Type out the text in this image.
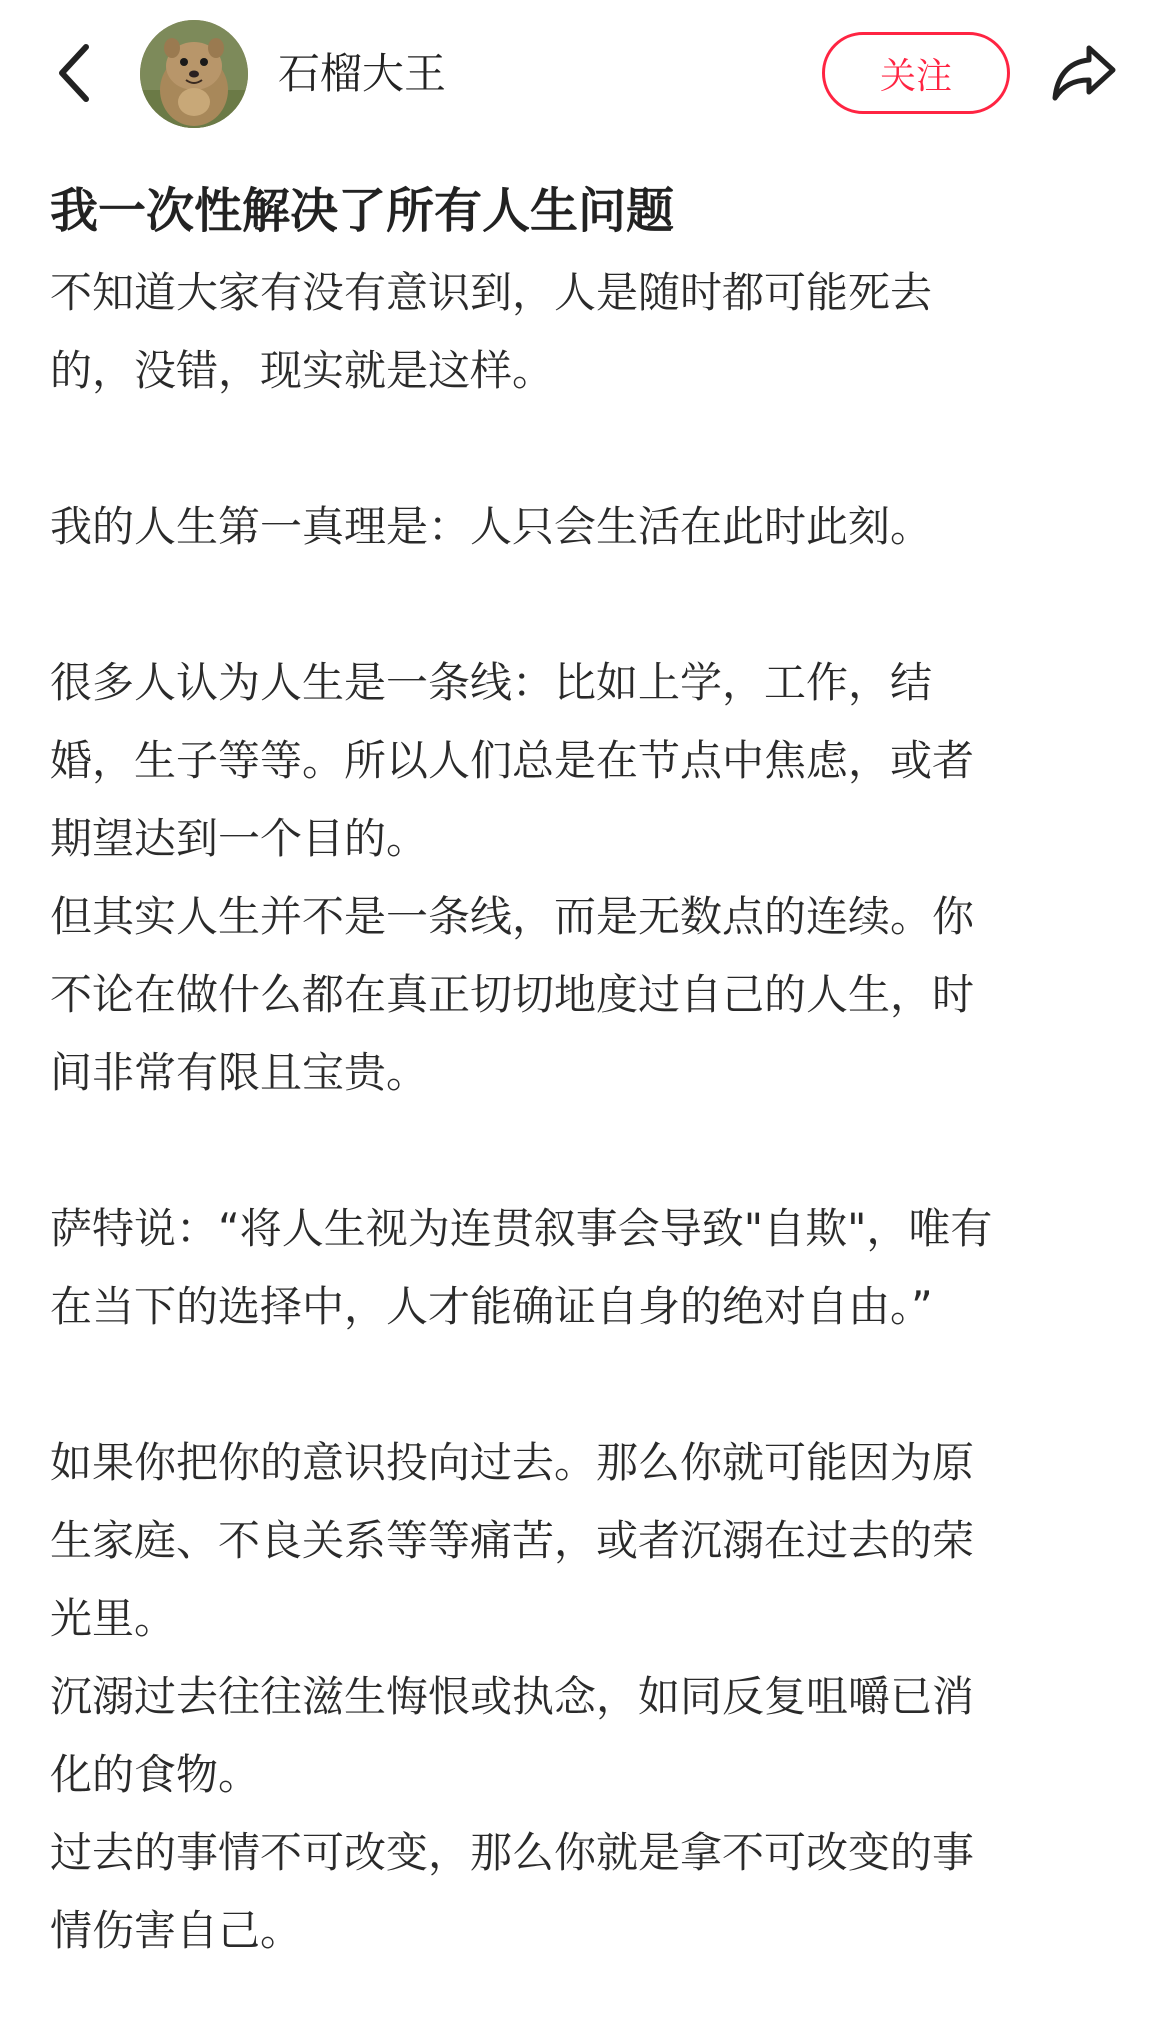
石榴大王	关注
我一次性解决了所有人生问题
不知道大家有没有意识到，人是随时都可能死去
的，没错，现实就是这样。
我的人生第一真理是：人只会生活在此时此刻。
很多人认为人生是一条线：比如上学，工作，结
婚，生子等等。所以人们总是在节点中焦虑，或者
期望达到一个目的。
但其实人生并不是一条线，而是无数点的连续。你
不论在做什么都在真正切切地度过自己的人生，时
间非常有限且宝贵。
萨特说：“将人生视为连贯叙事会导致"自欺"，唯有
在当下的选择中，人才能确证自身的绝对自由。”
如果你把你的意识投向过去。那么你就可能因为原
生家庭、不良关系等等痛苦，或者沉溺在过去的荣
光里。
沉溺过去往往滋生悔恨或执念，如同反复咀嚼已消
化的食物。
过去的事情不可改变，那么你就是拿不可改变的事
情伤害自己。
